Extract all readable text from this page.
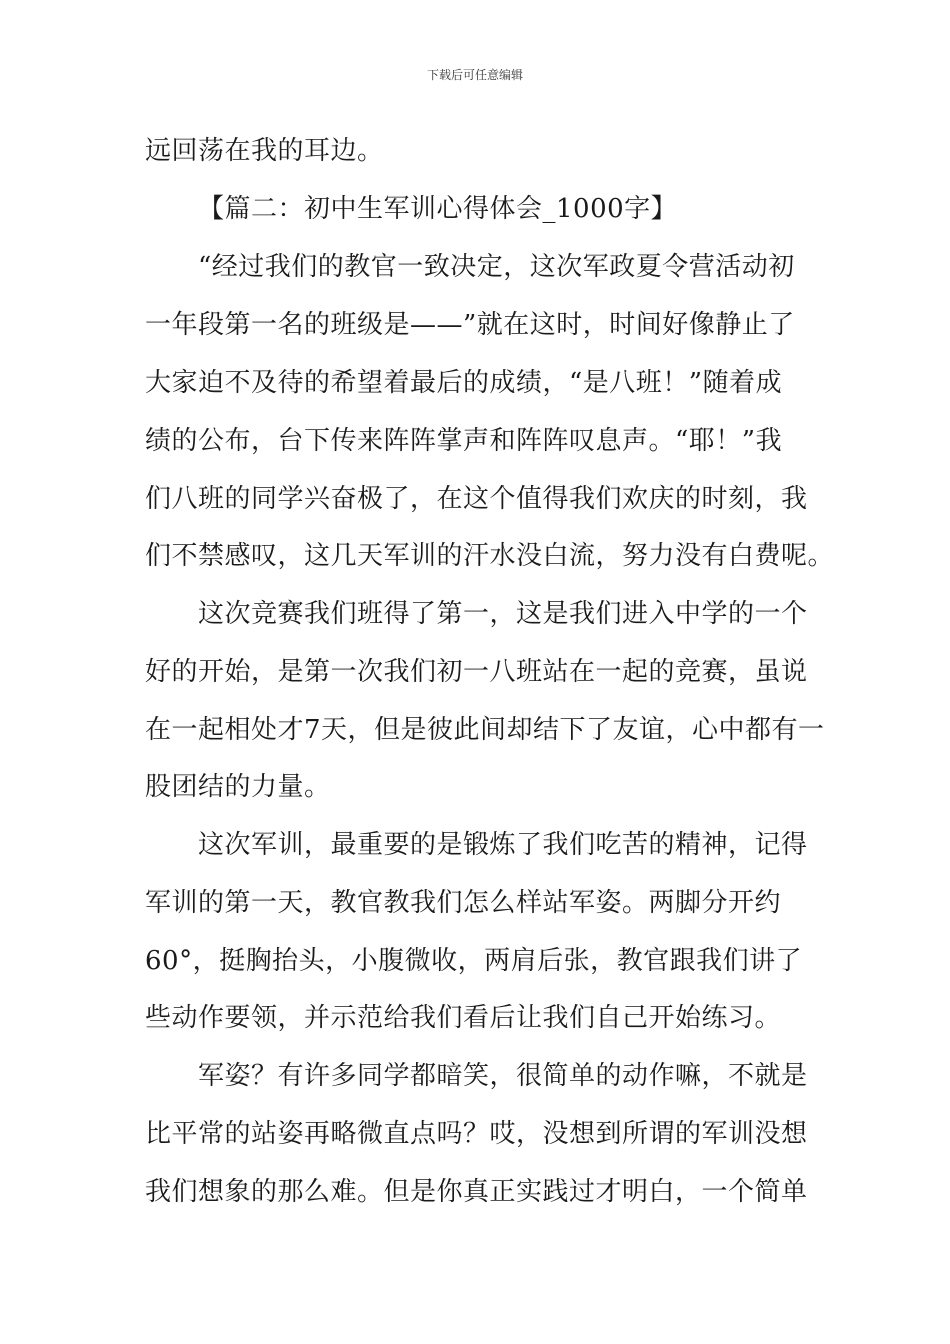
下载后可任意编辑
远回荡在我的耳边。
【篇二：初中生军训心得体会_1000字】
“经过我们的教官一致决定，这次军政夏令营活动初
一年段第一名的班级是——”就在这时，时间好像静止了
大家迫不及待的希望着最后的成绩，“是八班！”随着成
绩的公布，台下传来阵阵掌声和阵阵叹息声。“耶！”我
们八班的同学兴奋极了，在这个值得我们欢庆的时刻，我
们不禁感叹，这几天军训的汗水没白流，努力没有白费呢。
这次竞赛我们班得了第一，这是我们进入中学的一个
好的开始，是第一次我们初一八班站在一起的竞赛，虽说
在一起相处才7天，但是彼此间却结下了友谊，心中都有一
股团结的力量。
这次军训，最重要的是锻炼了我们吃苦的精神，记得
军训的第一天，教官教我们怎么样站军姿。两脚分开约
60°，挺胸抬头，小腹微收，两肩后张，教官跟我们讲了
些动作要领，并示范给我们看后让我们自己开始练习。
军姿？有许多同学都暗笑，很简单的动作嘛，不就是
比平常的站姿再略微直点吗？哎，没想到所谓的军训没想
我们想象的那么难。但是你真正实践过才明白，一个简单
